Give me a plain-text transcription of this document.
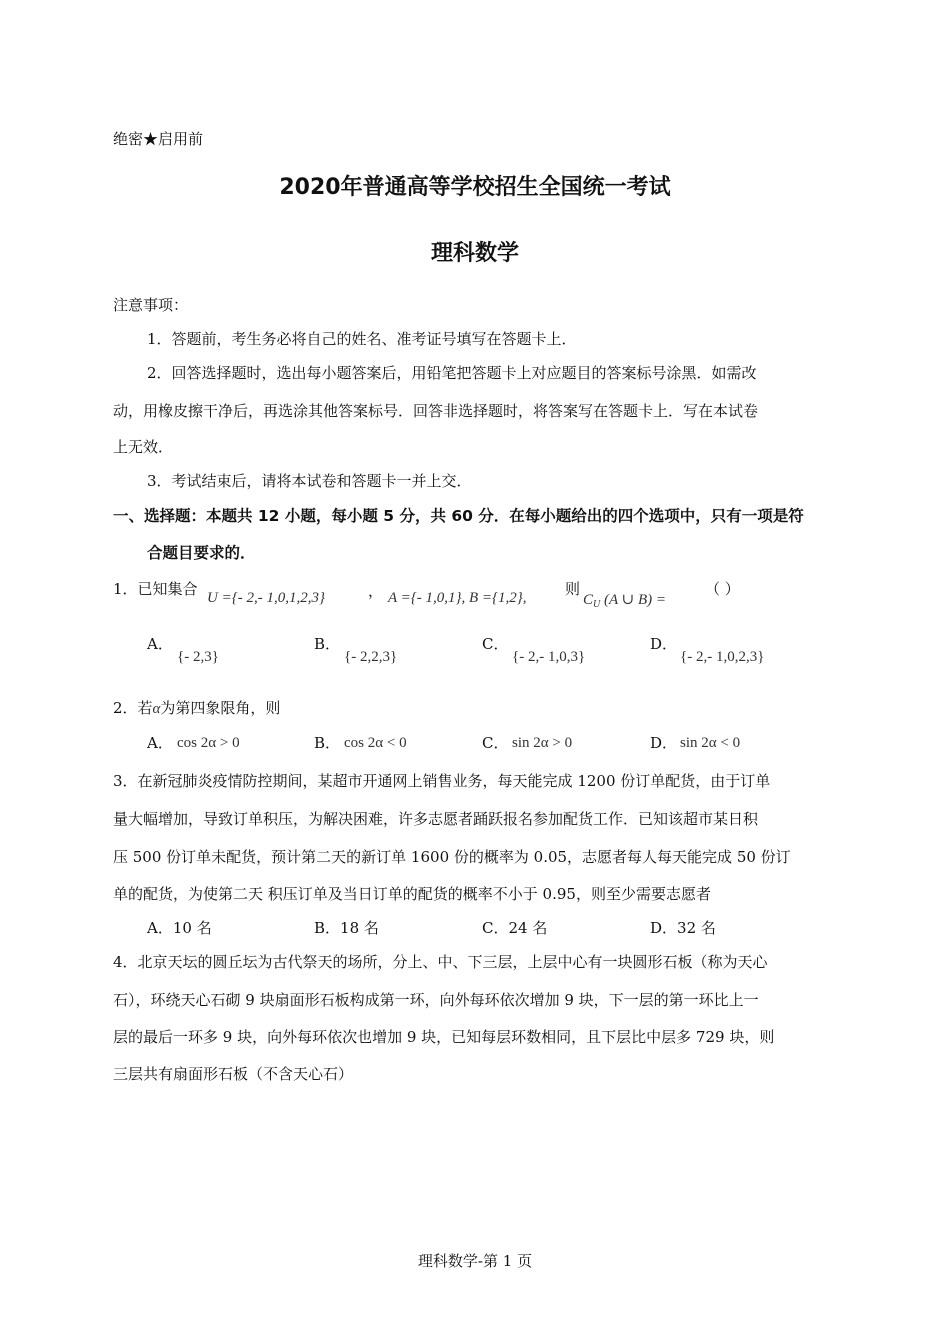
绝密★启用前
2020年普通高等学校招生全国统一考试
理科数学
注意事项：
1．答题前，考生务必将自己的姓名、准考证号填写在答题卡上．
2．回答选择题时，选出每小题答案后，用铅笔把答题卡上对应题目的答案标号涂黑．如需改
动，用橡皮擦干净后，再选涂其他答案标号．回答非选择题时，将答案写在答题卡上．写在本试卷
上无效．
3．考试结束后，请将本试卷和答题卡一并上交．
一、选择题：本题共 12 小题，每小题 5 分，共 60 分．在每小题给出的四个选项中，只有一项是符
合题目要求的．
1．已知集合 U ={- 2,- 1,0,1,2,3}	， A ={- 1,0,1}, B ={1,2},	则
$C_U$ (A ∪ B) =
（ ）
A．
{- 2,3}
B．
{- 2,2,3}
C．
{- 2,- 1,0,3}
D．
{- 2,- 1,0,2,3}
2．若α为第四象限角，则
A． cos 2α > 0	B． cos 2α < 0	C． sin 2α > 0	D． sin 2α < 0
3．在新冠肺炎疫情防控期间，某超市开通网上销售业务，每天能完成 1200 份订单配货，由于订单
量大幅增加，导致订单积压，为解决困难，许多志愿者踊跃报名参加配货工作．已知该超市某日积
压 500 份订单未配货，预计第二天的新订单 1600 份的概率为 0.05，志愿者每人每天能完成 50 份订
单的配货，为使第二天 积压订单及当日订单的配货的概率不小于 0.95，则至少需要志愿者
A．10 名	B．18 名	C．24 名	D．32 名
4．北京天坛的圆丘坛为古代祭天的场所，分上、中、下三层，上层中心有一块圆形石板（称为天心
石），环绕天心石砌 9 块扇面形石板构成第一环，向外每环依次增加 9 块，下一层的第一环比上一
层的最后一环多 9 块，向外每环依次也增加 9 块，已知每层环数相同，且下层比中层多 729 块，则
三层共有扇面形石板（不含天心石）
理科数学-第 1 页
